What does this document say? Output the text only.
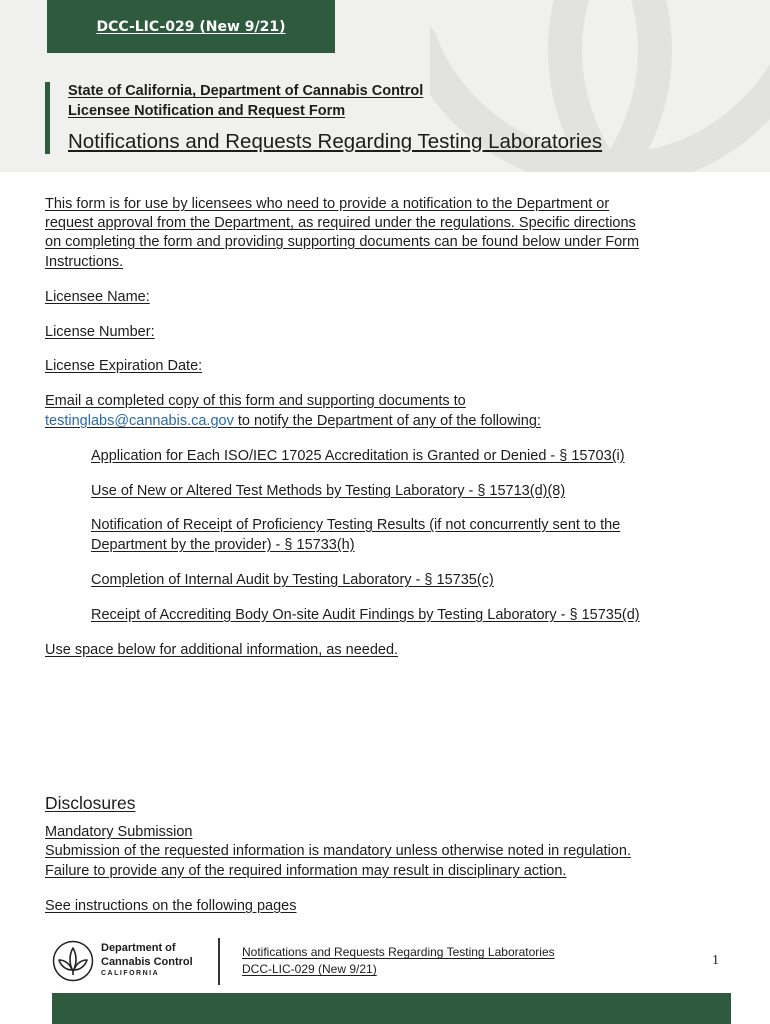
DCC-LIC-029 (New 9/21)
State of California, Department of Cannabis Control
Licensee Notification and Request Form
Notifications and Requests Regarding Testing Laboratories
This form is for use by licensees who need to provide a notification to the Department or
request approval from the Department, as required under the regulations. Specific directions
on completing the form and providing supporting documents can be found below under Form
Instructions.
Licensee Name:
License Number:
License Expiration Date:
Email a completed copy of this form and supporting documents to
testinglabs@cannabis.ca.gov to notify the Department of any of the following:
Application for Each ISO/IEC 17025 Accreditation is Granted or Denied - § 15703(i)
Use of New or Altered Test Methods by Testing Laboratory - § 15713(d)(8)
Notification of Receipt of Proficiency Testing Results (if not concurrently sent to the
Department by the provider) - § 15733(h)
Completion of Internal Audit by Testing Laboratory - § 15735(c)
Receipt of Accrediting Body On-site Audit Findings by Testing Laboratory - § 15735(d)
Use space below for additional information, as needed.
Disclosures
Mandatory Submission
Submission of the requested information is mandatory unless otherwise noted in regulation.
Failure to provide any of the required information may result in disciplinary action.
See instructions on the following pages
Department of
Cannabis Control
CALIFORNIA
Notifications and Requests Regarding Testing Laboratories
DCC-LIC-029 (New 9/21)
1
